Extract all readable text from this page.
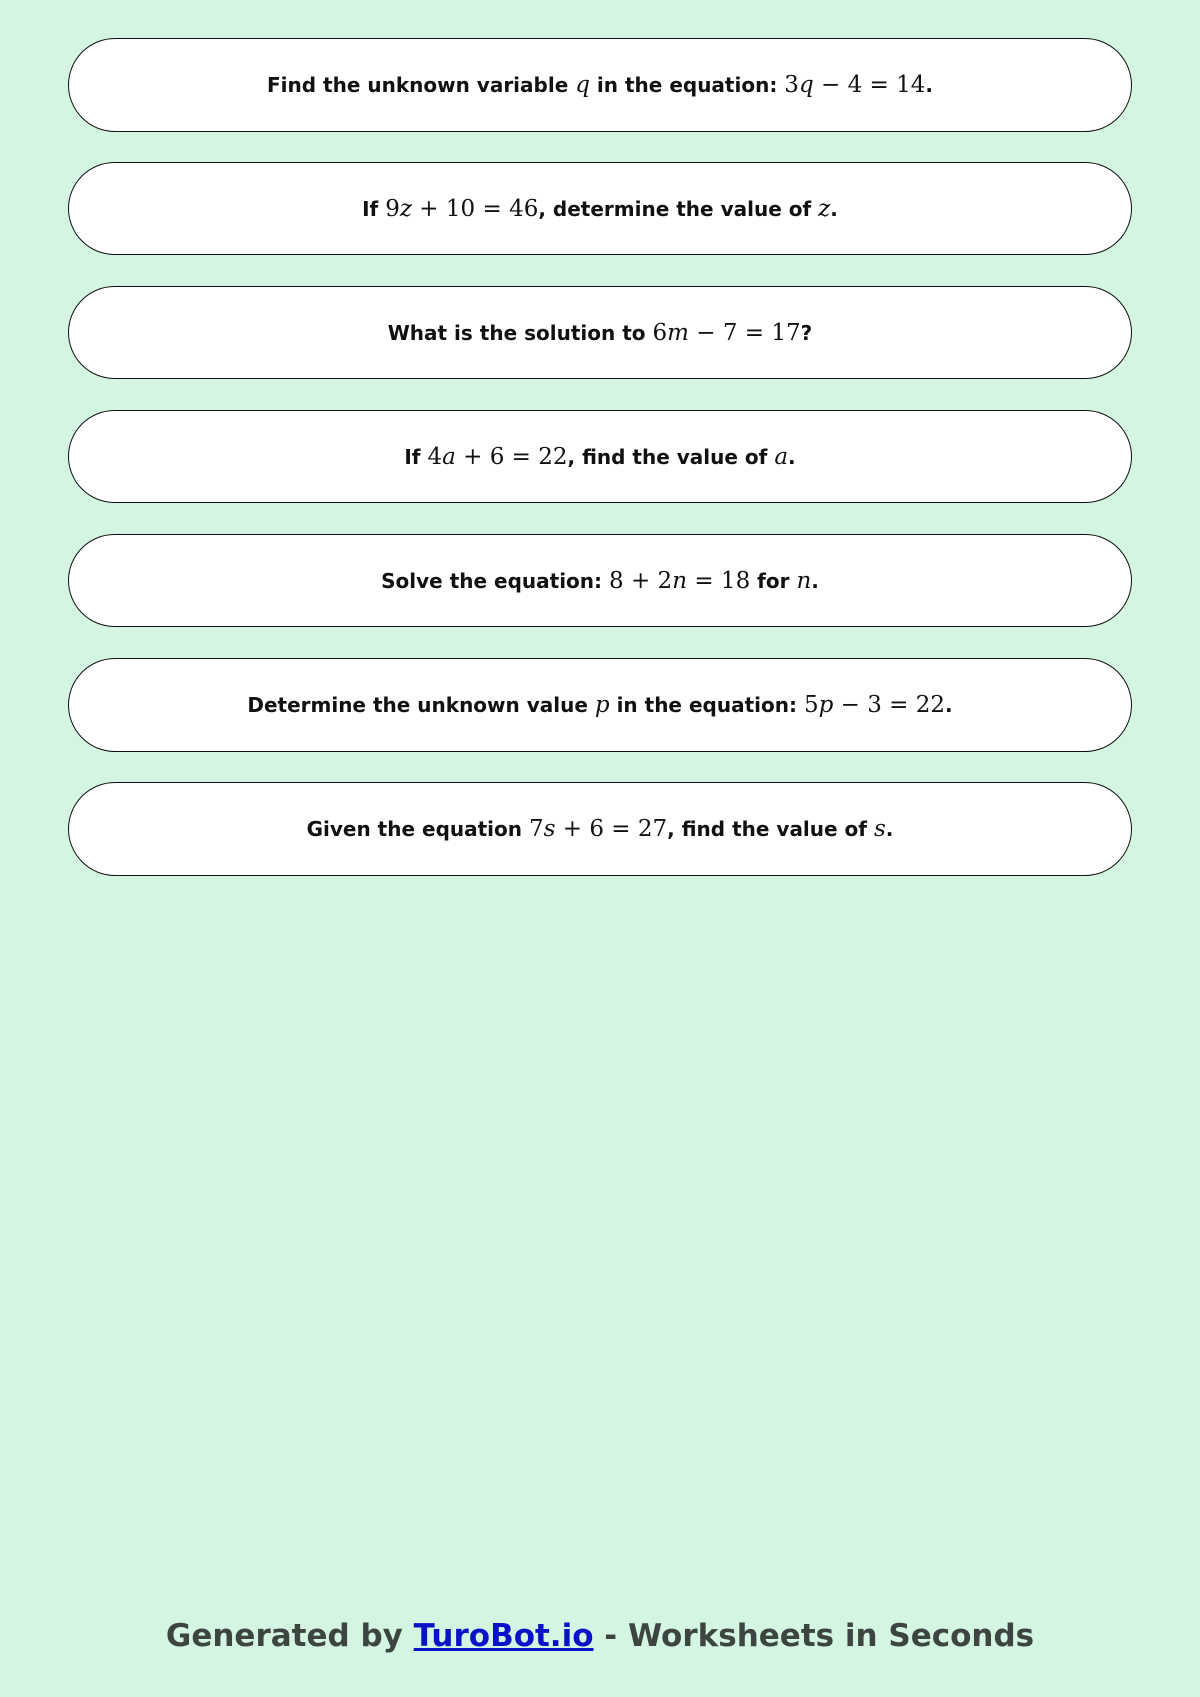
Find the unknown variable q in the equation: 3q − 4 = 14 .
If 9z + 10 = 46 , determine the value of z .
What is the solution to 6m − 7 = 17 ?
If 4a + 6 = 22 , find the value of a .
Solve the equation: 8 + 2n = 18 for n .
Determine the unknown value p in the equation: 5p − 3 = 22 .
Given the equation 7s + 6 = 27 , find the value of s .
Generated by TuroBot.io - Worksheets in Seconds
